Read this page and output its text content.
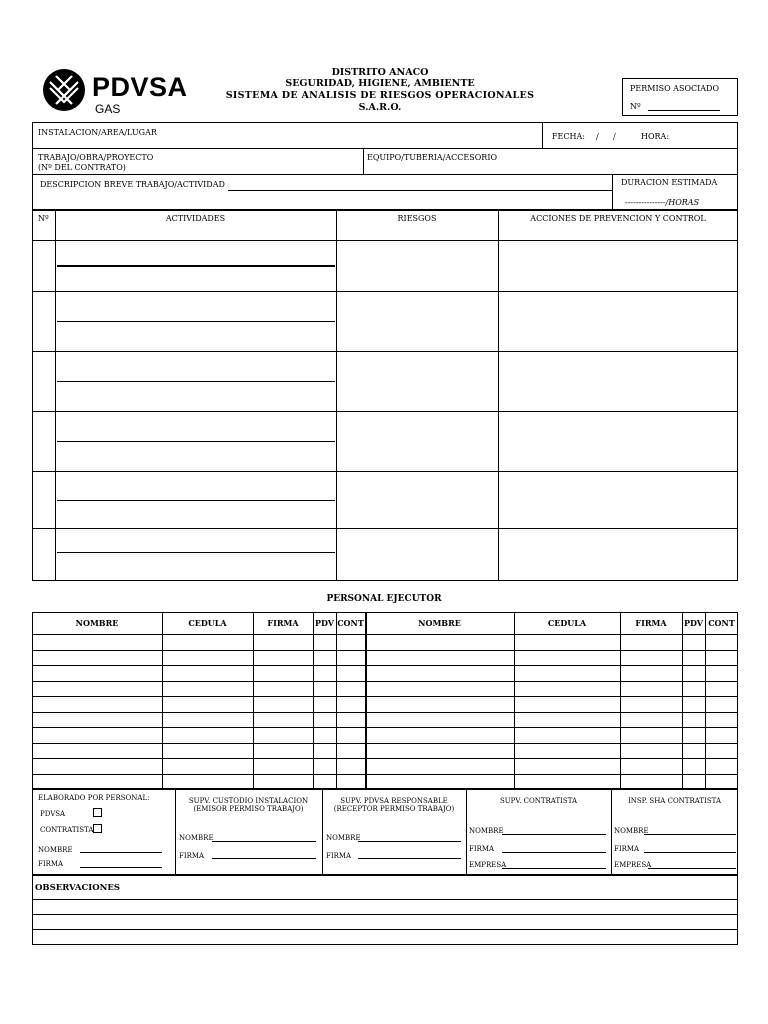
PDVSA
GAS
DISTRITO ANACO
SEGURIDAD, HIGIENE, AMBIENTE
SISTEMA DE ANALISIS DE RIESGOS OPERACIONALES
S.A.R.O.
PERMISO ASOCIADO
Nº
INSTALACION/AREA/LUGAR	FECHA: / /	HORA:
TRABAJO/OBRA/PROYECTO
(Nº DEL CONTRATO)
EQUIPO/TUBERIA/ACCESORIO
DESCRIPCION BREVE TRABAJO/ACTIVIDAD	DURACION ESTIMADA
---------------/HORAS
Nº	ACTIVIDADES	RIESGOS	ACCIONES DE PREVENCION Y CONTROL
PERSONAL EJECUTOR
NOMBRE	CEDULA	FIRMA	PDV CONT	NOMBRE	CEDULA	FIRMA	PDV CONT
ELABORADO POR PERSONAL:
PDVSA
CONTRATISTA
NOMBRE
FIRMA
SUPV. CUSTODIO INSTALACION
(EMISOR PERMISO TRABAJO)
NOMBRE
FIRMA
SUPV. PDVSA RESPONSABLE
(RECEPTOR PERMISO TRABAJO)
NOMBRE
FIRMA
SUPV. CONTRATISTA
NOMBRE
FIRMA
EMPRESA
INSP. SHA CONTRATISTA
NOMBRE
FIRMA
EMPRESA
OBSERVACIONES
